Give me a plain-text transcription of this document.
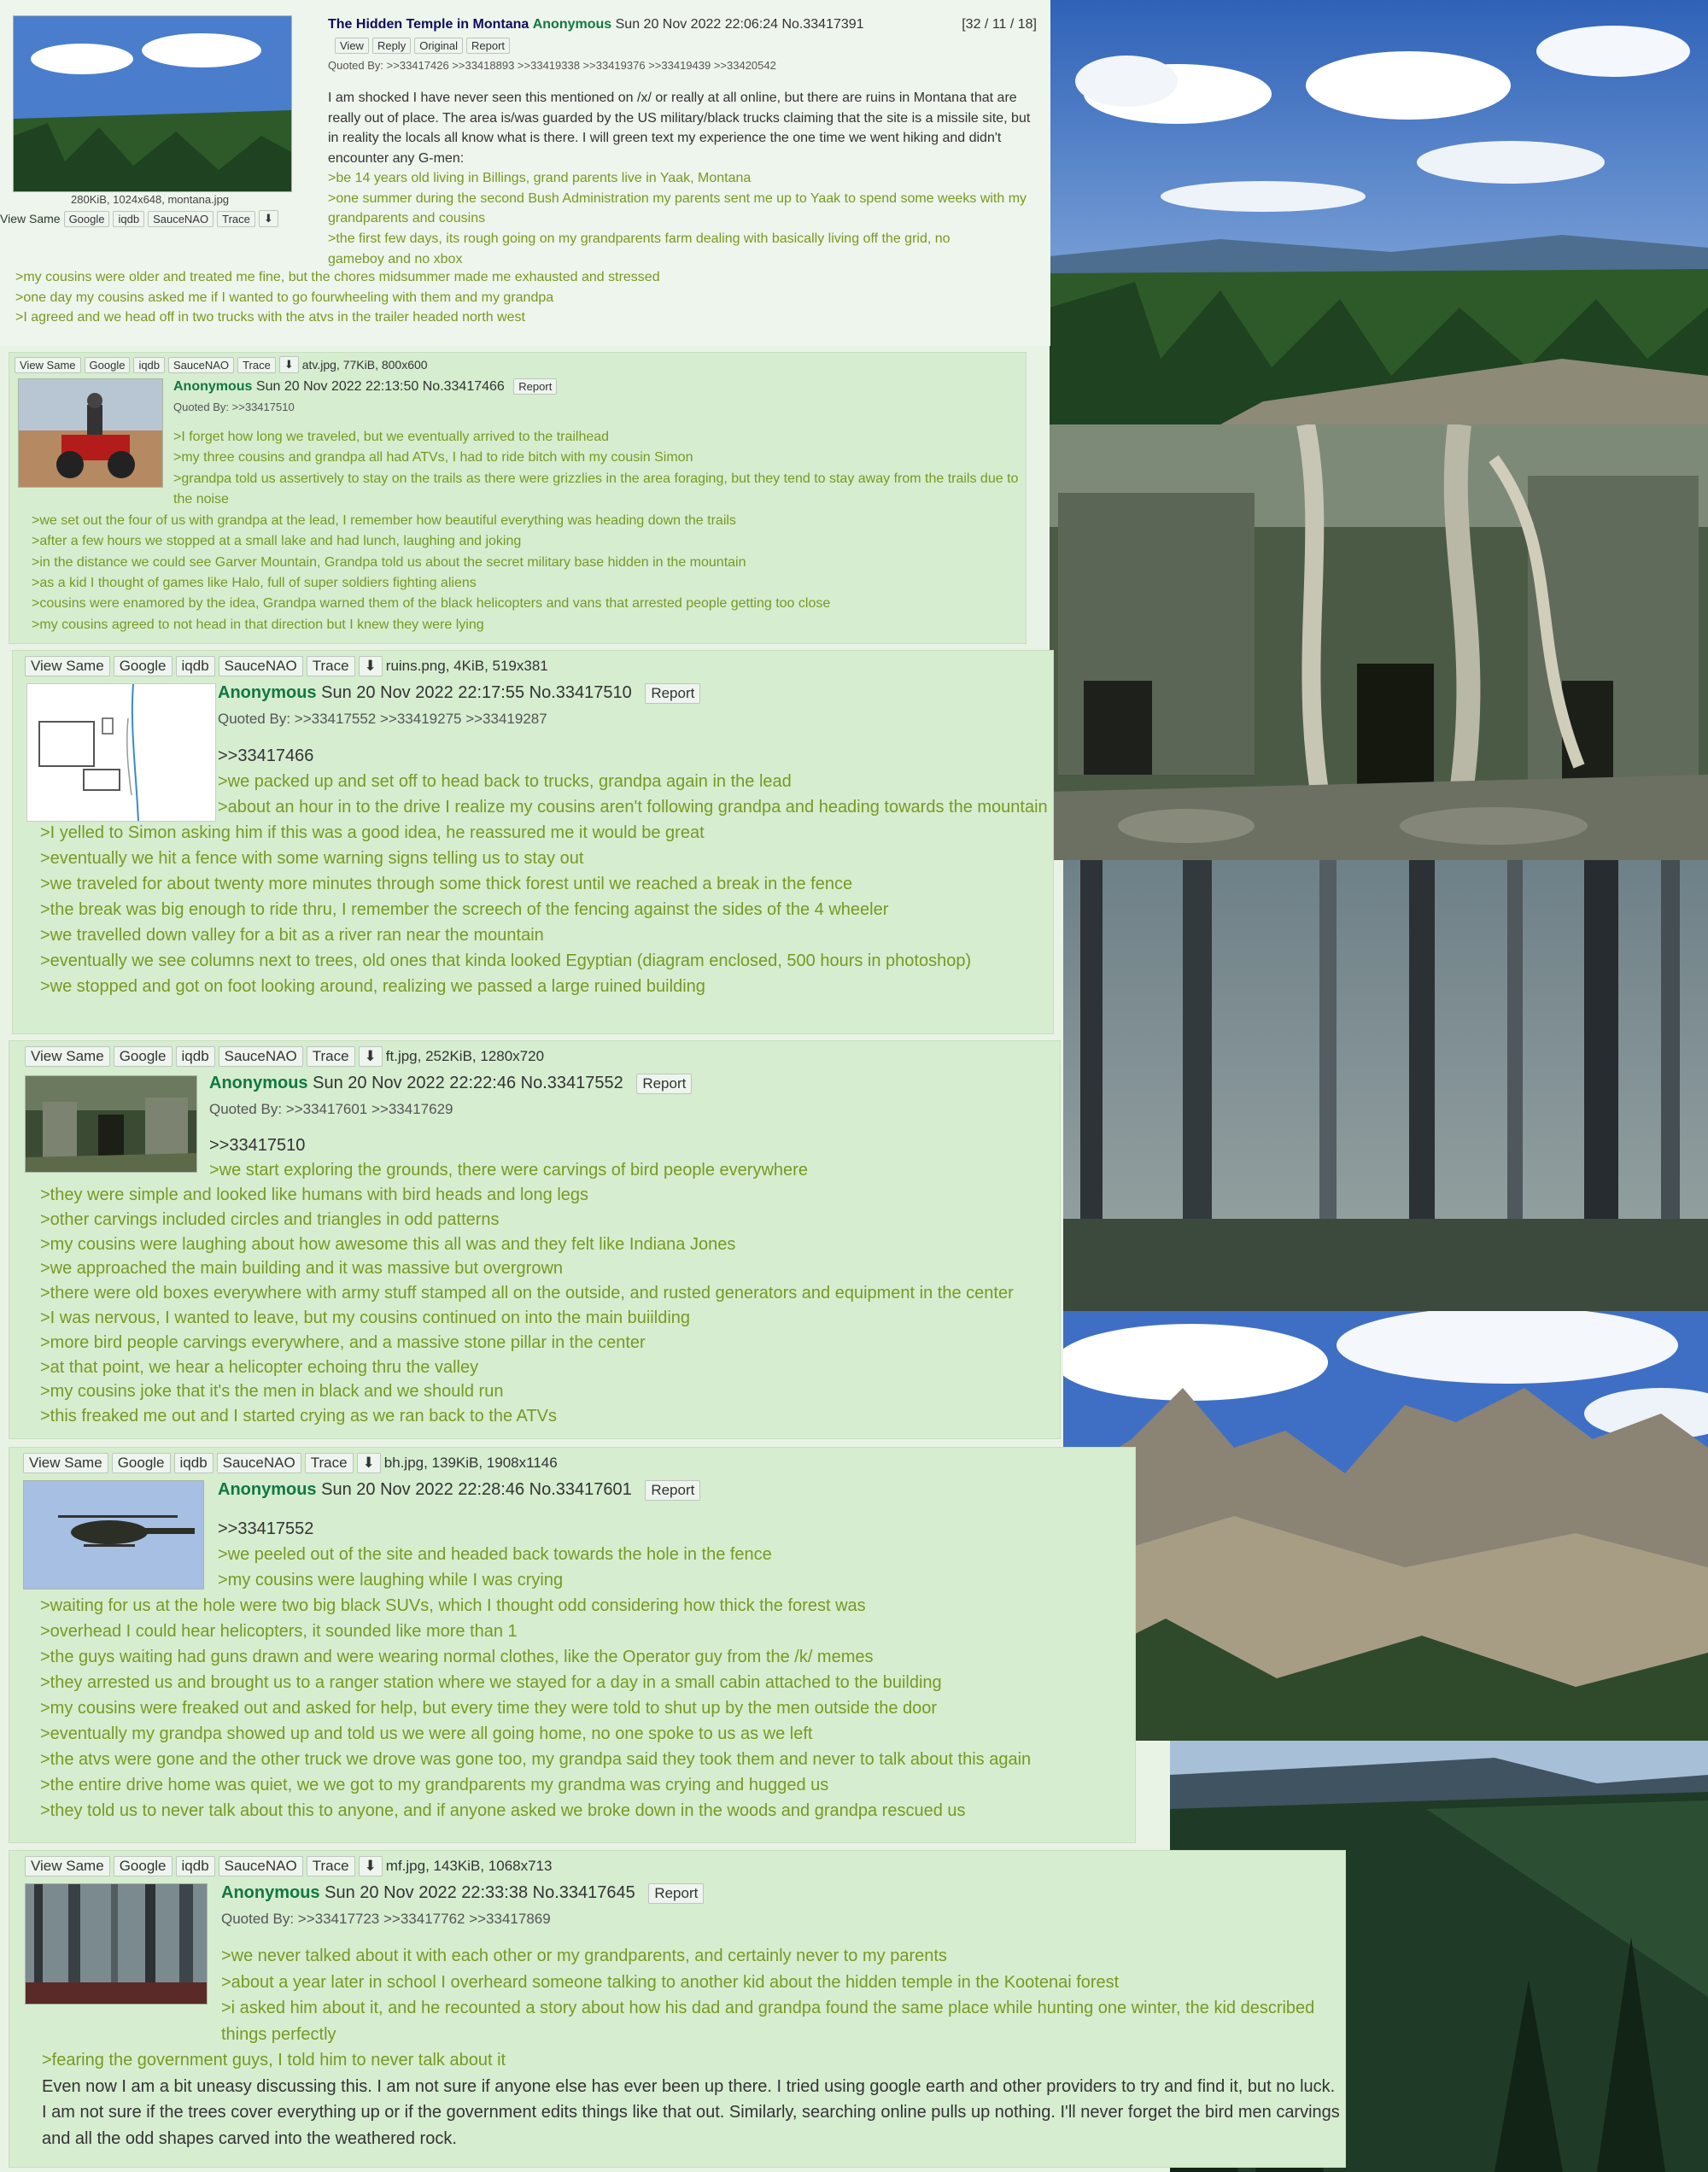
280KiB, 1024x648, montana.jpg
View Same Google	iqdb	SauceNAO	Trace	⬇
The Hidden Temple in Montana Anonymous Sun 20 Nov 2022 22:06:24 No.33417391	[32 / 11 / 18]
View	Reply	Original	Report
Quoted By: >>33417426 >>33418893 >>33419338 >>33419376 >>33419439 >>33420542
I am shocked I have never seen this mentioned on /x/ or really at all online, but there are ruins in Montana that are really out of place. The area is/was guarded by the US military/black trucks claiming that the site is a missile site, but in reality the locals all know what is there. I will green text my experience the one time we went hiking and didn't encounter any G-men:
>be 14 years old living in Billings, grand parents live in Yaak, Montana
>one summer during the second Bush Administration my parents sent me up to Yaak to spend some weeks with my grandparents and cousins
>the first few days, its rough going on my grandparents farm dealing with basically living off the grid, no gameboy and no xbox
>my cousins were older and treated me fine, but the chores midsummer made me exhausted and stressed
>one day my cousins asked me if I wanted to go fourwheeling with them and my grandpa
>I agreed and we head off in two trucks with the atvs in the trailer headed north west
View Same	Google	iqdb	SauceNAO	Trace	⬇ atv.jpg, 77KiB, 800x600
Anonymous Sun 20 Nov 2022 22:13:50 No.33417466 Report
Quoted By: >>33417510
>I forget how long we traveled, but we eventually arrived to the trailhead
>my three cousins and grandpa all had ATVs, I had to ride bitch with my cousin Simon
>grandpa told us assertively to stay on the trails as there were grizzlies in the area foraging, but they tend to stay away from the trails due to the noise
>we set out the four of us with grandpa at the lead, I remember how beautiful everything was heading down the trails
>after a few hours we stopped at a small lake and had lunch, laughing and joking
>in the distance we could see Garver Mountain, Grandpa told us about the secret military base hidden in the mountain
>as a kid I thought of games like Halo, full of super soldiers fighting aliens
>cousins were enamored by the idea, Grandpa warned them of the black helicopters and vans that arrested people getting too close
>my cousins agreed to not head in that direction but I knew they were lying
View Same	Google	iqdb	SauceNAO	Trace	⬇ ruins.png, 4KiB, 519x381
Anonymous Sun 20 Nov 2022 22:17:55 No.33417510 Report
Quoted By: >>33417552 >>33419275 >>33419287
>>33417466
>we packed up and set off to head back to trucks, grandpa again in the lead
>about an hour in to the drive I realize my cousins aren't following grandpa and heading towards the mountain
>I yelled to Simon asking him if this was a good idea, he reassured me it would be great
>eventually we hit a fence with some warning signs telling us to stay out
>we traveled for about twenty more minutes through some thick forest until we reached a break in the fence
>the break was big enough to ride thru, I remember the screech of the fencing against the sides of the 4 wheeler
>we travelled down valley for a bit as a river ran near the mountain
>eventually we see columns next to trees, old ones that kinda looked Egyptian (diagram enclosed, 500 hours in photoshop)
>we stopped and got on foot looking around, realizing we passed a large ruined building
View Same	Google	iqdb	SauceNAO	Trace	⬇ ft.jpg, 252KiB, 1280x720
Anonymous Sun 20 Nov 2022 22:22:46 No.33417552 Report
Quoted By: >>33417601 >>33417629
>>33417510
>we start exploring the grounds, there were carvings of bird people everywhere
>they were simple and looked like humans with bird heads and long legs
>other carvings included circles and triangles in odd patterns
>my cousins were laughing about how awesome this all was and they felt like Indiana Jones
>we approached the main building and it was massive but overgrown
>there were old boxes everywhere with army stuff stamped all on the outside, and rusted generators and equipment in the center
>I was nervous, I wanted to leave, but my cousins continued on into the main buiilding
>more bird people carvings everywhere, and a massive stone pillar in the center
>at that point, we hear a helicopter echoing thru the valley
>my cousins joke that it's the men in black and we should run
>this freaked me out and I started crying as we ran back to the ATVs
View Same	Google	iqdb	SauceNAO	Trace	⬇ bh.jpg, 139KiB, 1908x1146
Anonymous Sun 20 Nov 2022 22:28:46 No.33417601 Report
>>33417552
>we peeled out of the site and headed back towards the hole in the fence
>my cousins were laughing while I was crying
>waiting for us at the hole were two big black SUVs, which I thought odd considering how thick the forest was
>overhead I could hear helicopters, it sounded like more than 1
>the guys waiting had guns drawn and were wearing normal clothes, like the Operator guy from the /k/ memes
>they arrested us and brought us to a ranger station where we stayed for a day in a small cabin attached to the building
>my cousins were freaked out and asked for help, but every time they were told to shut up by the men outside the door
>eventually my grandpa showed up and told us we were all going home, no one spoke to us as we left
>the atvs were gone and the other truck we drove was gone too, my grandpa said they took them and never to talk about this again
>the entire drive home was quiet, we we got to my grandparents my grandma was crying and hugged us
>they told us to never talk about this to anyone, and if anyone asked we broke down in the woods and grandpa rescued us
View Same	Google	iqdb	SauceNAO	Trace	⬇ mf.jpg, 143KiB, 1068x713
Anonymous Sun 20 Nov 2022 22:33:38 No.33417645 Report
Quoted By: >>33417723 >>33417762 >>33417869
>we never talked about it with each other or my grandparents, and certainly never to my parents
>about a year later in school I overheard someone talking to another kid about the hidden temple in the Kootenai forest
>i asked him about it, and he recounted a story about how his dad and grandpa found the same place while hunting one winter, the kid described things perfectly
>fearing the government guys, I told him to never talk about it
Even now I am a bit uneasy discussing this. I am not sure if anyone else has ever been up there. I tried using google earth and other providers to try and find it, but no luck. I am not sure if the trees cover everything up or if the government edits things like that out. Similarly, searching online pulls up nothing. I'll never forget the bird men carvings and all the odd shapes carved into the weathered rock.
